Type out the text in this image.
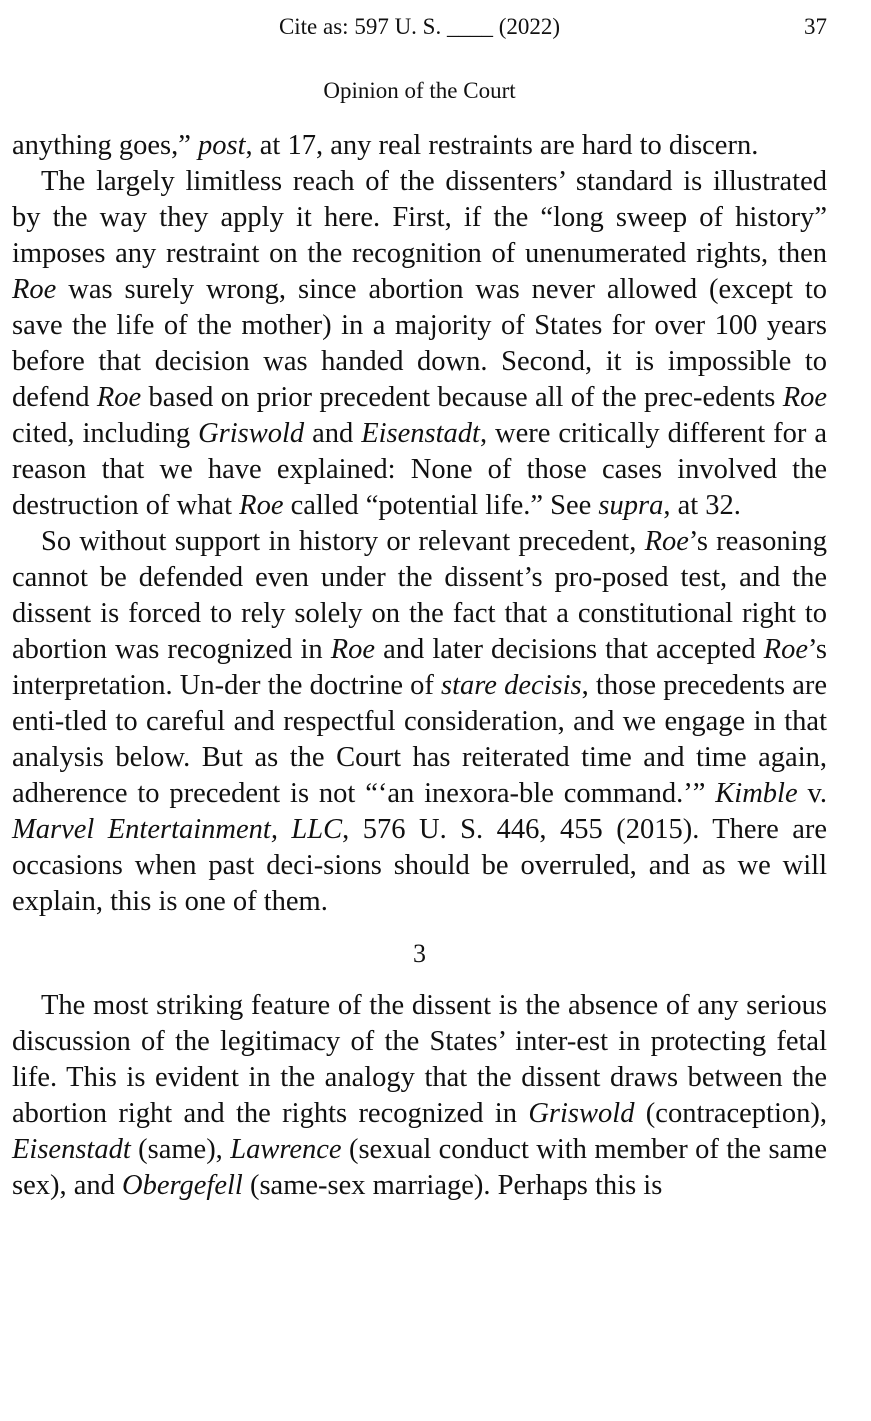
Cite as: 597 U. S. ____ (2022)	37
Opinion of the Court

anything goes,” post, at 17, any real restraints are hard to discern.

The largely limitless reach of the dissenters’ standard is illustrated by the way they apply it here. First, if the “long sweep of history” imposes any restraint on the recognition of unenumerated rights, then Roe was surely wrong, since abortion was never allowed (except to save the life of the mother) in a majority of States for over 100 years before that decision was handed down. Second, it is impossible to defend Roe based on prior precedent because all of the prec-edents Roe cited, including Griswold and Eisenstadt, were critically different for a reason that we have explained: None of those cases involved the destruction of what Roe called “potential life.” See supra, at 32.

So without support in history or relevant precedent, Roe’s reasoning cannot be defended even under the dissent’s pro-posed test, and the dissent is forced to rely solely on the fact that a constitutional right to abortion was recognized in Roe and later decisions that accepted Roe’s interpretation. Un-der the doctrine of stare decisis, those precedents are enti-tled to careful and respectful consideration, and we engage in that analysis below. But as the Court has reiterated time and time again, adherence to precedent is not “‘an inexora-ble command.’” Kimble v. Marvel Entertainment, LLC, 576 U. S. 446, 455 (2015). There are occasions when past deci-sions should be overruled, and as we will explain, this is one of them.

3

The most striking feature of the dissent is the absence of any serious discussion of the legitimacy of the States’ inter-est in protecting fetal life. This is evident in the analogy that the dissent draws between the abortion right and the rights recognized in Griswold (contraception), Eisenstadt (same), Lawrence (sexual conduct with member of the same sex), and Obergefell (same-sex marriage). Perhaps this is
